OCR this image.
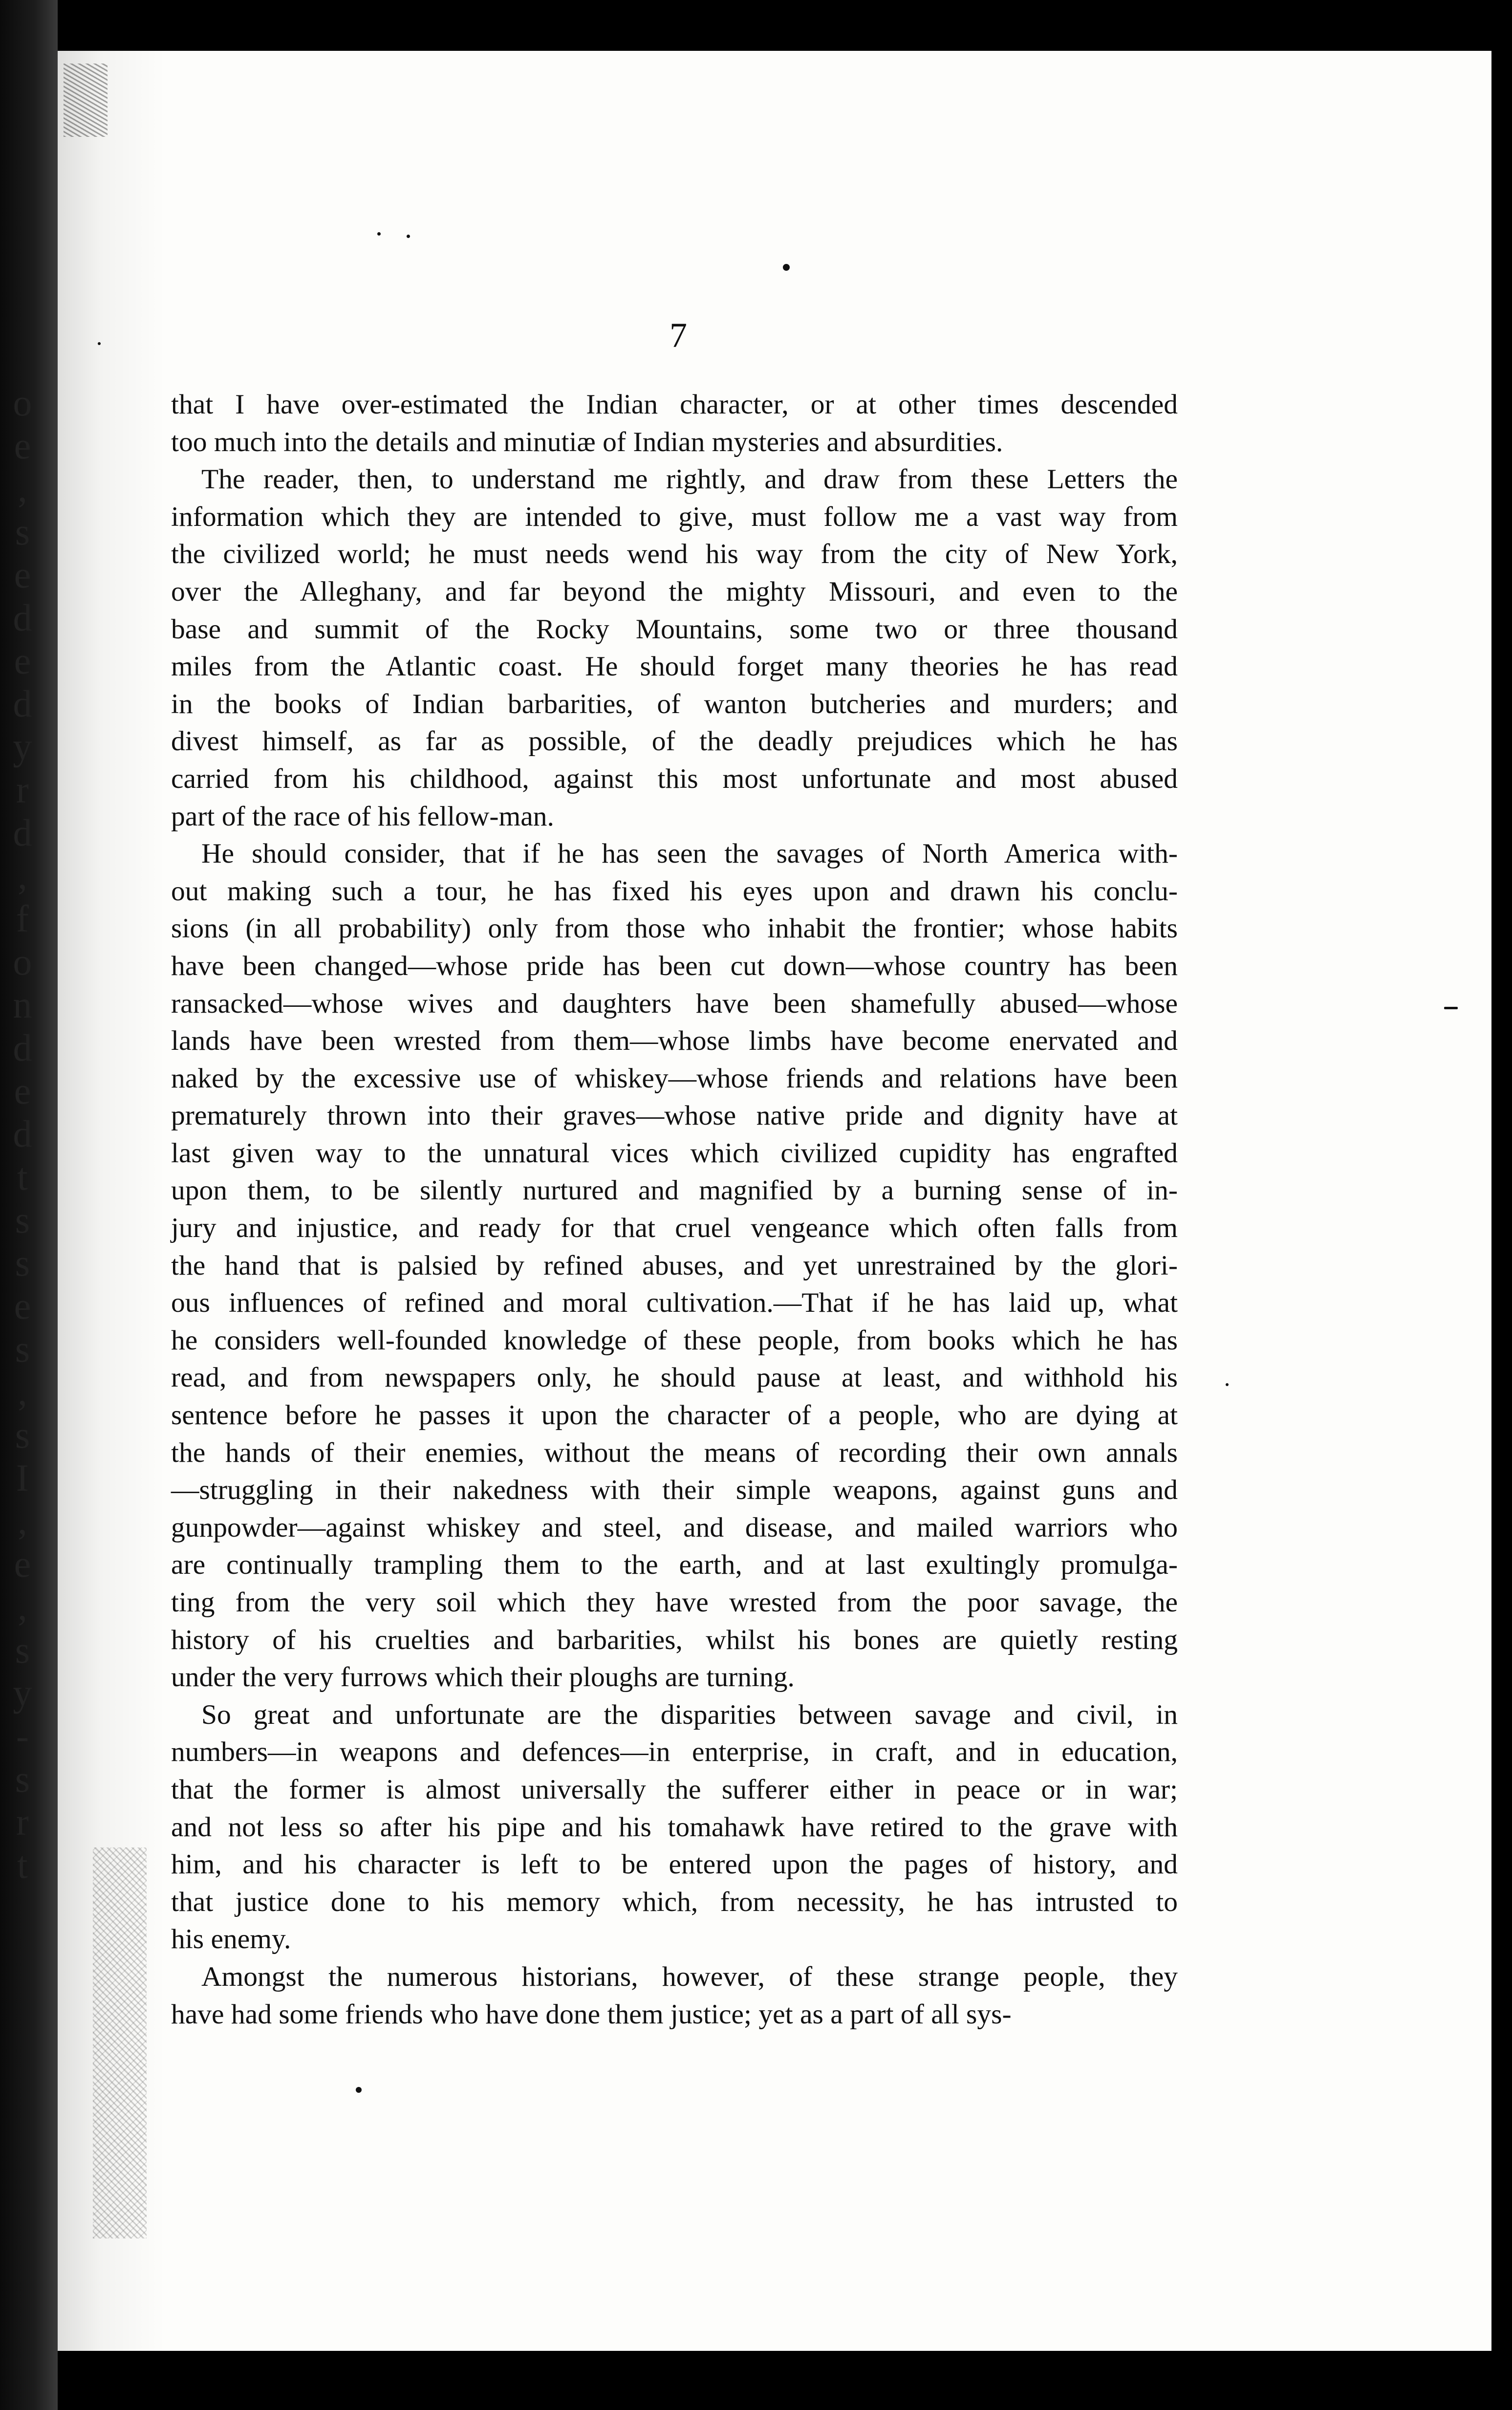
o
e
,
s
e
d
e
d
y
r
d
,
f
o
n
d
e
d
t
s
s
e
s
,
s
I
,
e
,
s
y
-
s
r
t
7

that I have over-estimated the Indian character, or at other times descended
too much into the details and minutiæ of Indian mysteries and absurdities.

The reader, then, to understand me rightly, and draw from these Letters the
information which they are intended to give, must follow me a vast way from
the civilized world; he must needs wend his way from the city of New York,
over the Alleghany, and far beyond the mighty Missouri, and even to the
base and summit of the Rocky Mountains, some two or three thousand
miles from the Atlantic coast. He should forget many theories he has read
in the books of Indian barbarities, of wanton butcheries and murders; and
divest himself, as far as possible, of the deadly prejudices which he has
carried from his childhood, against this most unfortunate and most abused
part of the race of his fellow-man.

He should consider, that if he has seen the savages of North America with-
out making such a tour, he has fixed his eyes upon and drawn his conclu-
sions (in all probability) only from those who inhabit the frontier; whose habits
have been changed—whose pride has been cut down—whose country has been
ransacked—whose wives and daughters have been shamefully abused—whose
lands have been wrested from them—whose limbs have become enervated and
naked by the excessive use of whiskey—whose friends and relations have been
prematurely thrown into their graves—whose native pride and dignity have at
last given way to the unnatural vices which civilized cupidity has engrafted
upon them, to be silently nurtured and magnified by a burning sense of in-
jury and injustice, and ready for that cruel vengeance which often falls from
the hand that is palsied by refined abuses, and yet unrestrained by the glori-
ous influences of refined and moral cultivation.—That if he has laid up, what
he considers well-founded knowledge of these people, from books which he has
read, and from newspapers only, he should pause at least, and withhold his
sentence before he passes it upon the character of a people, who are dying at
the hands of their enemies, without the means of recording their own annals
—struggling in their nakedness with their simple weapons, against guns and
gunpowder—against whiskey and steel, and disease, and mailed warriors who
are continually trampling them to the earth, and at last exultingly promulga-
ting from the very soil which they have wrested from the poor savage, the
history of his cruelties and barbarities, whilst his bones are quietly resting
under the very furrows which their ploughs are turning.

So great and unfortunate are the disparities between savage and civil, in
numbers—in weapons and defences—in enterprise, in craft, and in education,
that the former is almost universally the sufferer either in peace or in war;
and not less so after his pipe and his tomahawk have retired to the grave with
him, and his character is left to be entered upon the pages of history, and
that justice done to his memory which, from necessity, he has intrusted to
his enemy.

Amongst the numerous historians, however, of these strange people, they
have had some friends who have done them justice; yet as a part of all sys-
